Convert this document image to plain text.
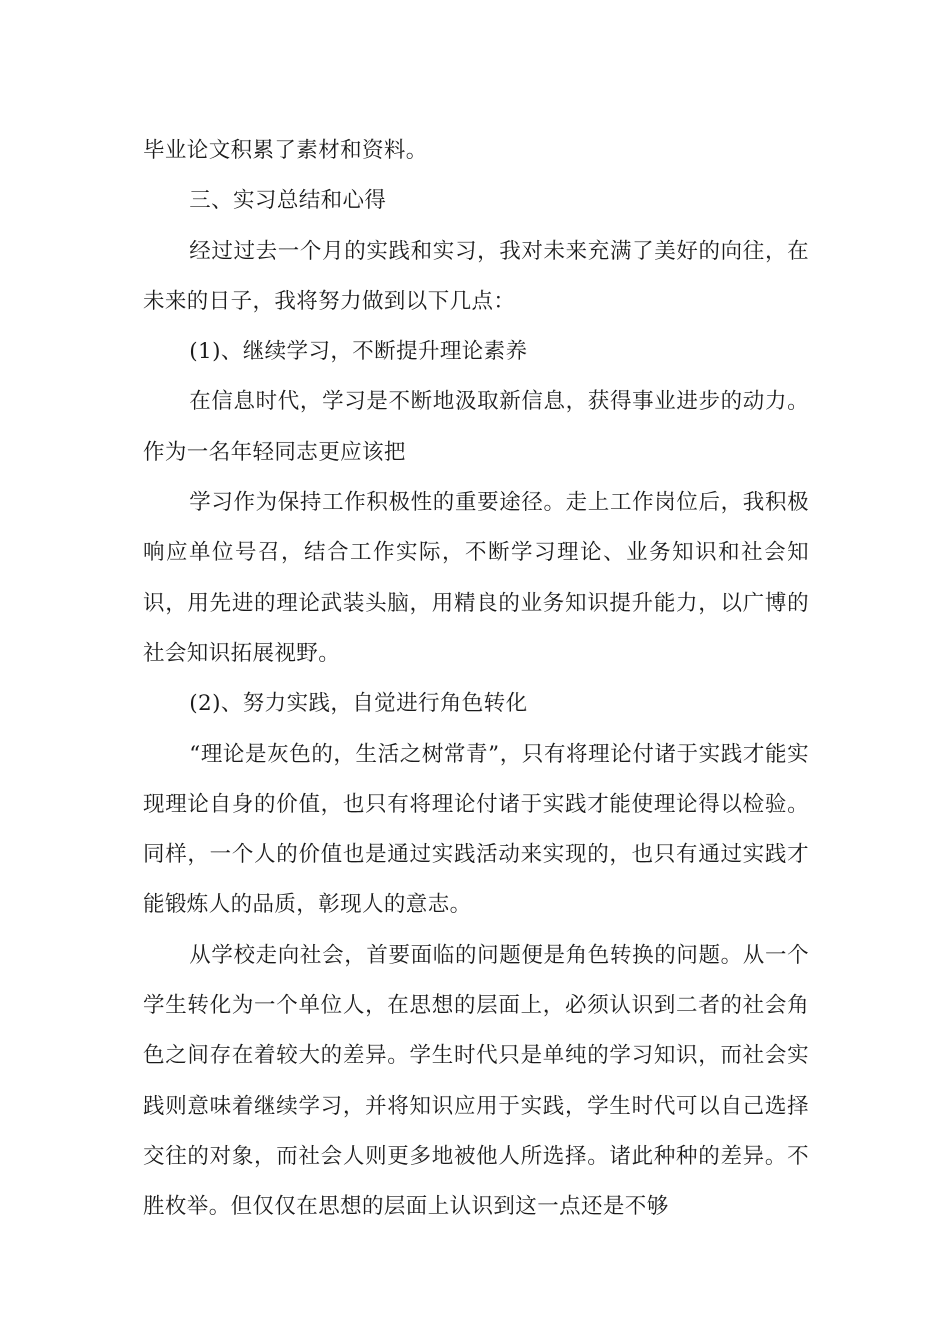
毕业论文积累了素材和资料。

三、实习总结和心得

经过过去一个月的实践和实习，我对未来充满了美好的向往，在未来的日子，我将努力做到以下几点：

(1)、继续学习，不断提升理论素养

在信息时代，学习是不断地汲取新信息，获得事业进步的动力。作为一名年轻同志更应该把

学习作为保持工作积极性的重要途径。走上工作岗位后，我积极响应单位号召，结合工作实际，不断学习理论、业务知识和社会知识，用先进的理论武装头脑，用精良的业务知识提升能力，以广博的社会知识拓展视野。

(2)、努力实践，自觉进行角色转化

“理论是灰色的，生活之树常青”，只有将理论付诸于实践才能实现理论自身的价值，也只有将理论付诸于实践才能使理论得以检验。同样，一个人的价值也是通过实践活动来实现的，也只有通过实践才能锻炼人的品质，彰现人的意志。

从学校走向社会，首要面临的问题便是角色转换的问题。从一个学生转化为一个单位人，在思想的层面上，必须认识到二者的社会角色之间存在着较大的差异。学生时代只是单纯的学习知识，而社会实践则意味着继续学习，并将知识应用于实践，学生时代可以自己选择交往的对象，而社会人则更多地被他人所选择。诸此种种的差异。不胜枚举。但仅仅在思想的层面上认识到这一点还是不够
